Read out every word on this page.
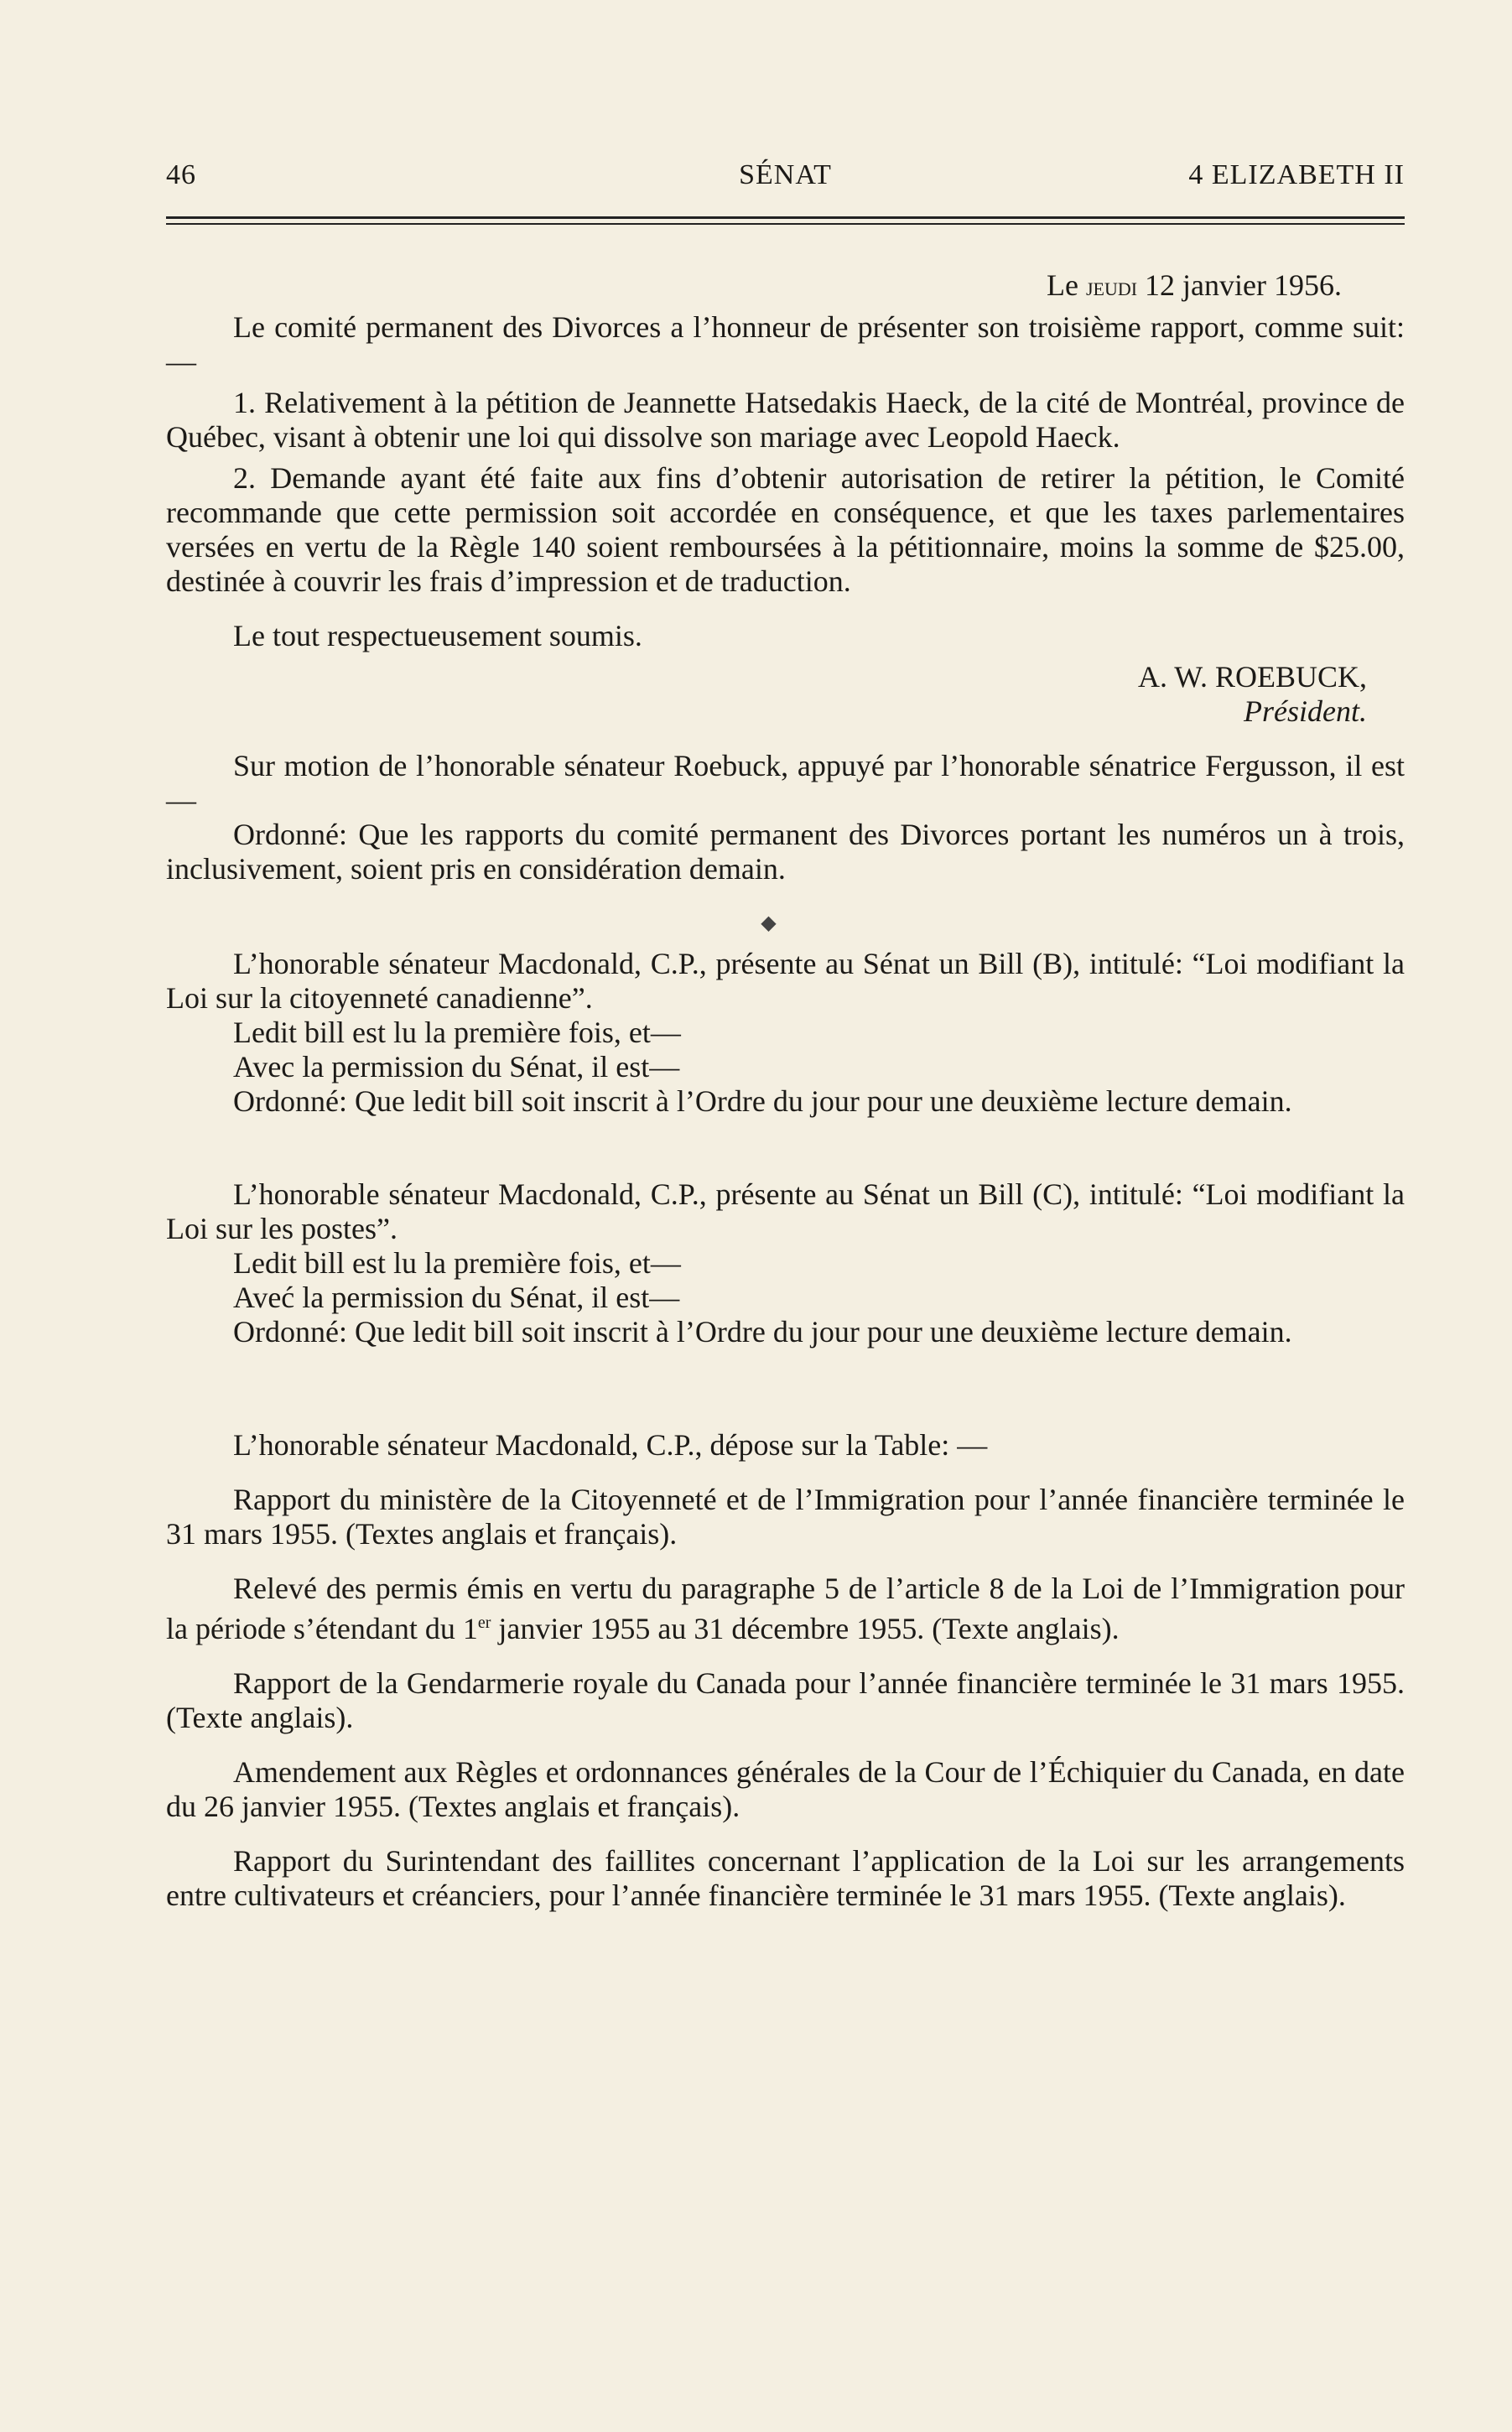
46	SÉNAT	4 ELIZABETH II

Le jeudi 12 janvier 1956.

Le comité permanent des Divorces a l’honneur de présenter son troisième rapport, comme suit: —

1. Relativement à la pétition de Jeannette Hatsedakis Haeck, de la cité de Montréal, province de Québec, visant à obtenir une loi qui dissolve son mariage avec Leopold Haeck.

2. Demande ayant été faite aux fins d’obtenir autorisation de retirer la pétition, le Comité recommande que cette permission soit accordée en conséquence, et que les taxes parlementaires versées en vertu de la Règle 140 soient remboursées à la pétitionnaire, moins la somme de $25.00, destinée à couvrir les frais d’impression et de traduction.

Le tout respectueusement soumis.

A. W. ROEBUCK,

Président.

Sur motion de l’honorable sénateur Roebuck, appuyé par l’honorable sénatrice Fergusson, il est—

Ordonné: Que les rapports du comité permanent des Divorces portant les numéros un à trois, inclusivement, soient pris en considération demain.

◆

L’honorable sénateur Macdonald, C.P., présente au Sénat un Bill (B), intitulé: “Loi modifiant la Loi sur la citoyenneté canadienne”.

Ledit bill est lu la première fois, et—

Avec la permission du Sénat, il est—

Ordonné: Que ledit bill soit inscrit à l’Ordre du jour pour une deuxième lecture demain.

L’honorable sénateur Macdonald, C.P., présente au Sénat un Bill (C), intitulé: “Loi modifiant la Loi sur les postes”.

Ledit bill est lu la première fois, et—

Aveć la permission du Sénat, il est—

Ordonné: Que ledit bill soit inscrit à l’Ordre du jour pour une deuxième lecture demain.

L’honorable sénateur Macdonald, C.P., dépose sur la Table: —

Rapport du ministère de la Citoyenneté et de l’Immigration pour l’année financière terminée le 31 mars 1955. (Textes anglais et français).

Relevé des permis émis en vertu du paragraphe 5 de l’article 8 de la Loi de l’Immigration pour la période s’étendant du 1er janvier 1955 au 31 décembre 1955. (Texte anglais).

Rapport de la Gendarmerie royale du Canada pour l’année financière terminée le 31 mars 1955. (Texte anglais).

Amendement aux Règles et ordonnances générales de la Cour de l’Échiquier du Canada, en date du 26 janvier 1955. (Textes anglais et français).

Rapport du Surintendant des faillites concernant l’application de la Loi sur les arrangements entre cultivateurs et créanciers, pour l’année financière terminée le 31 mars 1955. (Texte anglais).
